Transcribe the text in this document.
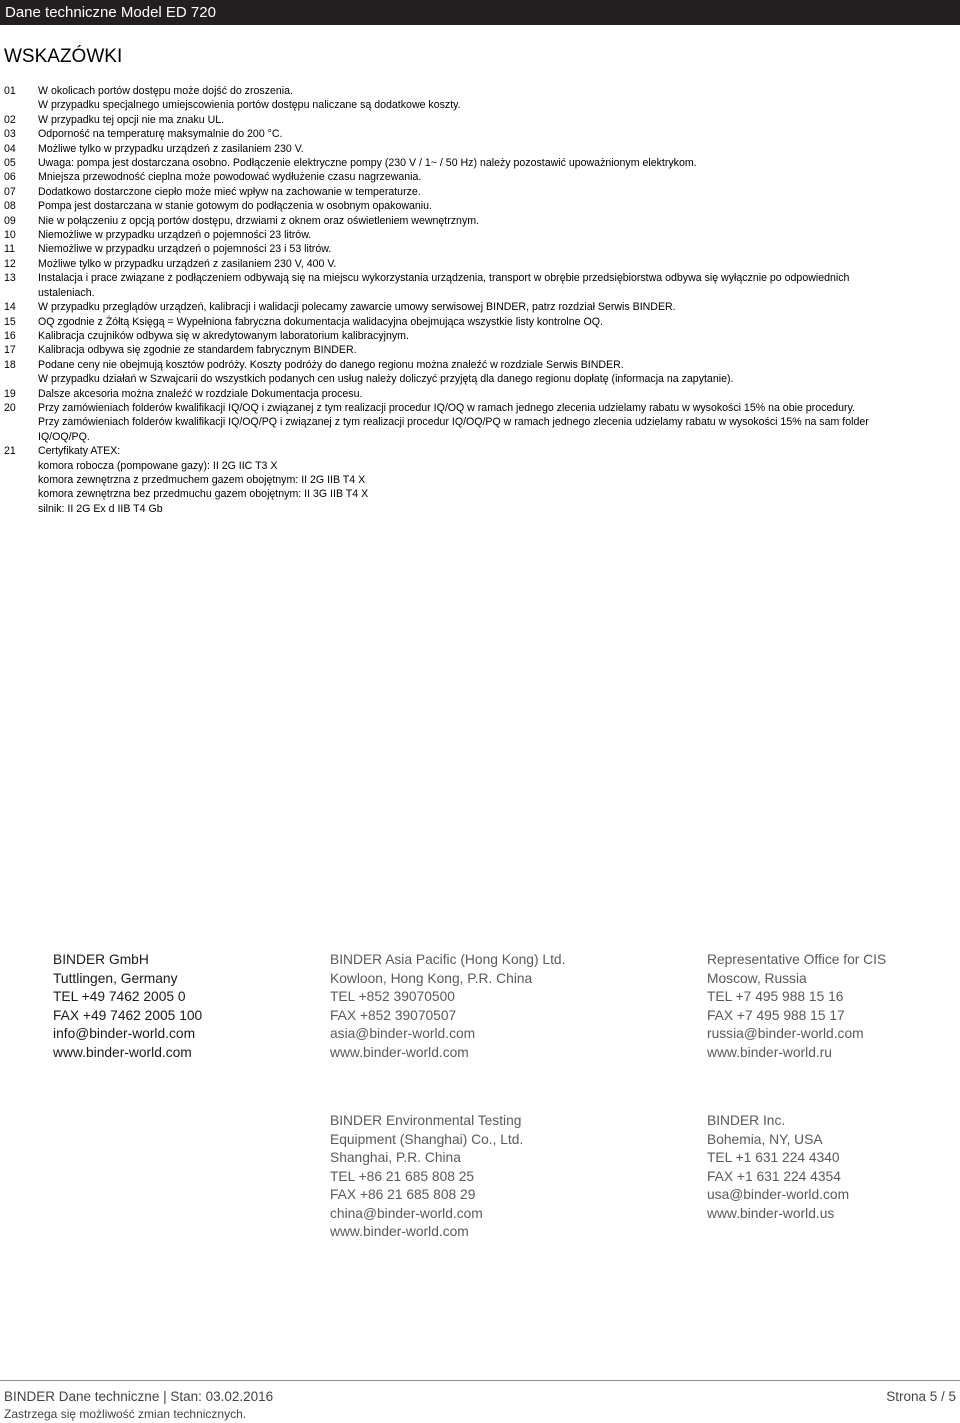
Dane techniczne Model ED 720
WSKAZÓWKI
01	W okolicach portów dostępu może dojść do zroszenia.
W przypadku specjalnego umiejscowienia portów dostępu naliczane są dodatkowe koszty.
02	W przypadku tej opcji nie ma znaku UL.
03	Odporność na temperaturę maksymalnie do 200 °C.
04	Możliwe tylko w przypadku urządzeń z zasilaniem 230 V.
05	Uwaga: pompa jest dostarczana osobno. Podłączenie elektryczne pompy (230 V / 1~ / 50 Hz) należy pozostawić upoważnionym elektrykom.
06	Mniejsza przewodność cieplna może powodować wydłużenie czasu nagrzewania.
07	Dodatkowo dostarczone ciepło może mieć wpływ na zachowanie w temperaturze.
08	Pompa jest dostarczana w stanie gotowym do podłączenia w osobnym opakowaniu.
09	Nie w połączeniu z opcją portów dostępu, drzwiami z oknem oraz oświetleniem wewnętrznym.
10	Niemożliwe w przypadku urządzeń o pojemności 23 litrów.
11	Niemożliwe w przypadku urządzeń o pojemności 23 i 53 litrów.
12	Możliwe tylko w przypadku urządzeń z zasilaniem 230 V, 400 V.
13	Instalacja i prace związane z podłączeniem odbywają się na miejscu wykorzystania urządzenia, transport w obrębie przedsiębiorstwa odbywa się wyłącznie po odpowiednich
ustaleniach.
14	W przypadku przeglądów urządzeń, kalibracji i walidacji polecamy zawarcie umowy serwisowej BINDER, patrz rozdział Serwis BINDER.
15	OQ zgodnie z Żółtą Księgą = Wypełniona fabryczna dokumentacja walidacyjna obejmująca wszystkie listy kontrolne OQ.
16	Kalibracja czujników odbywa się w akredytowanym laboratorium kalibracyjnym.
17	Kalibracja odbywa się zgodnie ze standardem fabrycznym BINDER.
18	Podane ceny nie obejmują kosztów podróży. Koszty podróży do danego regionu można znaleźć w rozdziale Serwis BINDER.
W przypadku działań w Szwajcarii do wszystkich podanych cen usług należy doliczyć przyjętą dla danego regionu dopłatę (informacja na zapytanie).
19	Dalsze akcesoria można znaleźć w rozdziale Dokumentacja procesu.
20	Przy zamówieniach folderów kwalifikacji IQ/OQ i związanej z tym realizacji procedur IQ/OQ w ramach jednego zlecenia udzielamy rabatu w wysokości 15% na obie procedury.
Przy zamówieniach folderów kwalifikacji IQ/OQ/PQ i związanej z tym realizacji procedur IQ/OQ/PQ w ramach jednego zlecenia udzielamy rabatu w wysokości 15% na sam folder
IQ/OQ/PQ.
21	Certyfikaty ATEX:
komora robocza (pompowane gazy): II 2G IIC T3 X
komora zewnętrzna z przedmuchem gazem obojętnym: II 2G IIB T4 X
komora zewnętrzna bez przedmuchu gazem obojętnym: II 3G IIB T4 X
silnik: II 2G Ex d IIB T4 Gb
BINDER GmbH
Tuttlingen, Germany
TEL +49 7462 2005 0
FAX +49 7462 2005 100
info@binder-world.com
www.binder-world.com
BINDER Asia Pacific (Hong Kong) Ltd.
Kowloon, Hong Kong, P.R. China
TEL +852 39070500
FAX +852 39070507
asia@binder-world.com
www.binder-world.com
Representative Office for CIS
Moscow, Russia
TEL +7 495 988 15 16
FAX +7 495 988 15 17
russia@binder-world.com
www.binder-world.ru
BINDER Environmental Testing
Equipment (Shanghai) Co., Ltd.
Shanghai, P.R. China
TEL +86 21 685 808 25
FAX +86 21 685 808 29
china@binder-world.com
www.binder-world.com
BINDER Inc.
Bohemia, NY, USA
TEL +1 631 224 4340
FAX +1 631 224 4354
usa@binder-world.com
www.binder-world.us
BINDER Dane techniczne | Stan: 03.02.2016
Zastrzega się możliwość zmian technicznych.
Strona 5 / 5
